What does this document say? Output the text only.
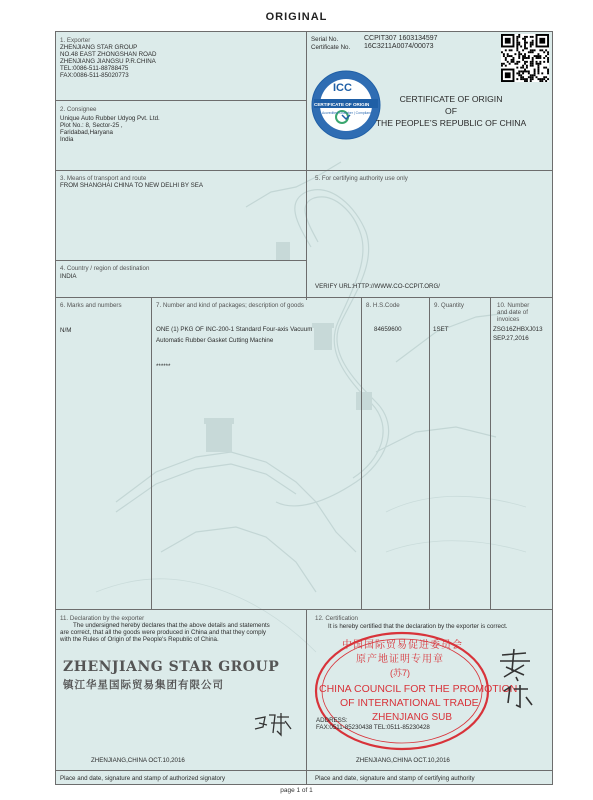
ORIGINAL
1. Exporter
ZHENJIANG STAR GROUP
NO.48 EAST ZHONGSHAN ROAD
ZHENJIANG JIANGSU P.R.CHINA
TEL:0086-511-88788475
FAX:0086-511-85020773
Serial No.	CCPIT307 1603134597
Certificate No. 16C3211A0074/00073
ICC
CERTIFICATE OF ORIGIN
Accredited Chamber | Compliance
CERTIFICATE OF ORIGIN
OF
THE PEOPLE’S REPUBLIC OF CHINA
2. Consignee
Unique Auto Rubber Udyog Pvt. Ltd.
Plot No.: 8, Sector-25 ,
Faridabad,Haryana
India
3. Means of transport and route
FROM SHANGHAI CHINA TO NEW DELHI BY SEA
5. For certifying authority use only
VERIFY URL:HTTP://WWW.CO-CCPIT.ORG/
4. Country / region of destination
INDIA
6. Marks and numbers	7. Number and kind of packages; description of goods	8. H.S.Code	9. Quantity	10. Number
and date of
invoices
N/M	ONE (1) PKG OF INC-200-1 Standard Four-axis Vacuum
Automatic Rubber Gasket Cutting Machine
******
84659600	1SET	ZSG16ZHBXJ013
SEP.27,2016
11. Declaration by the exporter
The undersigned hereby declares that the above details and statements
are correct, that all the goods were produced in China and that they comply
with the Rules of Origin of the People's Republic of China.
ZHENJIANG STAR GROUP
镇江华星国际贸易集团有限公司
ZHENJIANG,CHINA OCT.10,2016
Place and date, signature and stamp of authorized signatory
12. Certification
It is hereby certified that the declaration by the exporter is correct.
中国国际贸易促进委员会
原产地证明专用章
(苏7)
CHINA COUNCIL FOR THE PROMOTION
OF INTERNATIONAL TRADE
ZHENJIANG SUB
ADDRESS:
FAX:0511-85230438 TEL:0511-85230428
ZHENJIANG,CHINA OCT.10,2016
Place and date, signature and stamp of certifying authority
page 1 of 1
